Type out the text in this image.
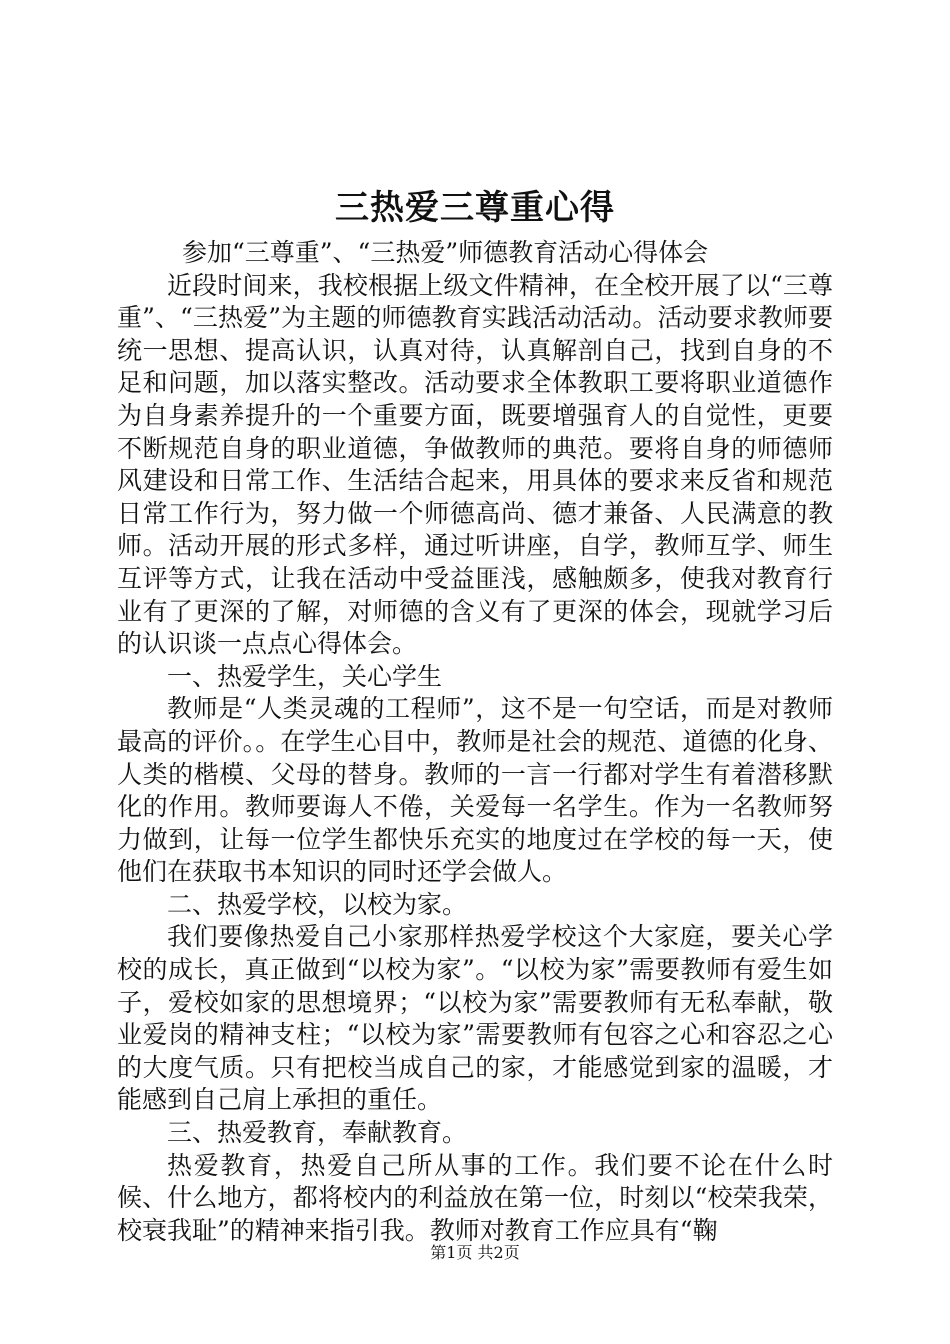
三热爱三尊重心得

参加“三尊重”、“三热爱”师德教育活动心得体会

近段时间来，我校根据上级文件精神，在全校开展了以“三尊重”、“三热爱”为主题的师德教育实践活动活动。活动要求教师要统一思想、提高认识，认真对待，认真解剖自己，找到自身的不足和问题，加以落实整改。活动要求全体教职工要将职业道德作为自身素养提升的一个重要方面，既要增强育人的自觉性，更要不断规范自身的职业道德，争做教师的典范。要将自身的师德师风建设和日常工作、生活结合起来，用具体的要求来反省和规范日常工作行为，努力做一个师德高尚、德才兼备、人民满意的教师。活动开展的形式多样，通过听讲座，自学，教师互学、师生互评等方式，让我在活动中受益匪浅，感触颇多，使我对教育行业有了更深的了解，对师德的含义有了更深的体会，现就学习后的认识谈一点点心得体会。

一、热爱学生，关心学生

教师是“人类灵魂的工程师”，这不是一句空话，而是对教师最高的评价。。在学生心目中，教师是社会的规范、道德的化身、人类的楷模、父母的替身。教师的一言一行都对学生有着潜移默化的作用。教师要诲人不倦，关爱每一名学生。作为一名教师努力做到，让每一位学生都快乐充实的地度过在学校的每一天，使他们在获取书本知识的同时还学会做人。

二、热爱学校，以校为家。

我们要像热爱自己小家那样热爱学校这个大家庭，要关心学校的成长，真正做到“以校为家”。“以校为家”需要教师有爱生如子，爱校如家的思想境界；“以校为家”需要教师有无私奉献，敬业爱岗的精神支柱；“以校为家”需要教师有包容之心和容忍之心的大度气质。只有把校当成自己的家，才能感觉到家的温暖，才能感到自己肩上承担的重任。

三、热爱教育，奉献教育。

热爱教育，热爱自己所从事的工作。我们要不论在什么时候、什么地方，都将校内的利益放在第一位，时刻以“校荣我荣，校衰我耻”的精神来指引我。教师对教育工作应具有“鞠

第1页 共2页
